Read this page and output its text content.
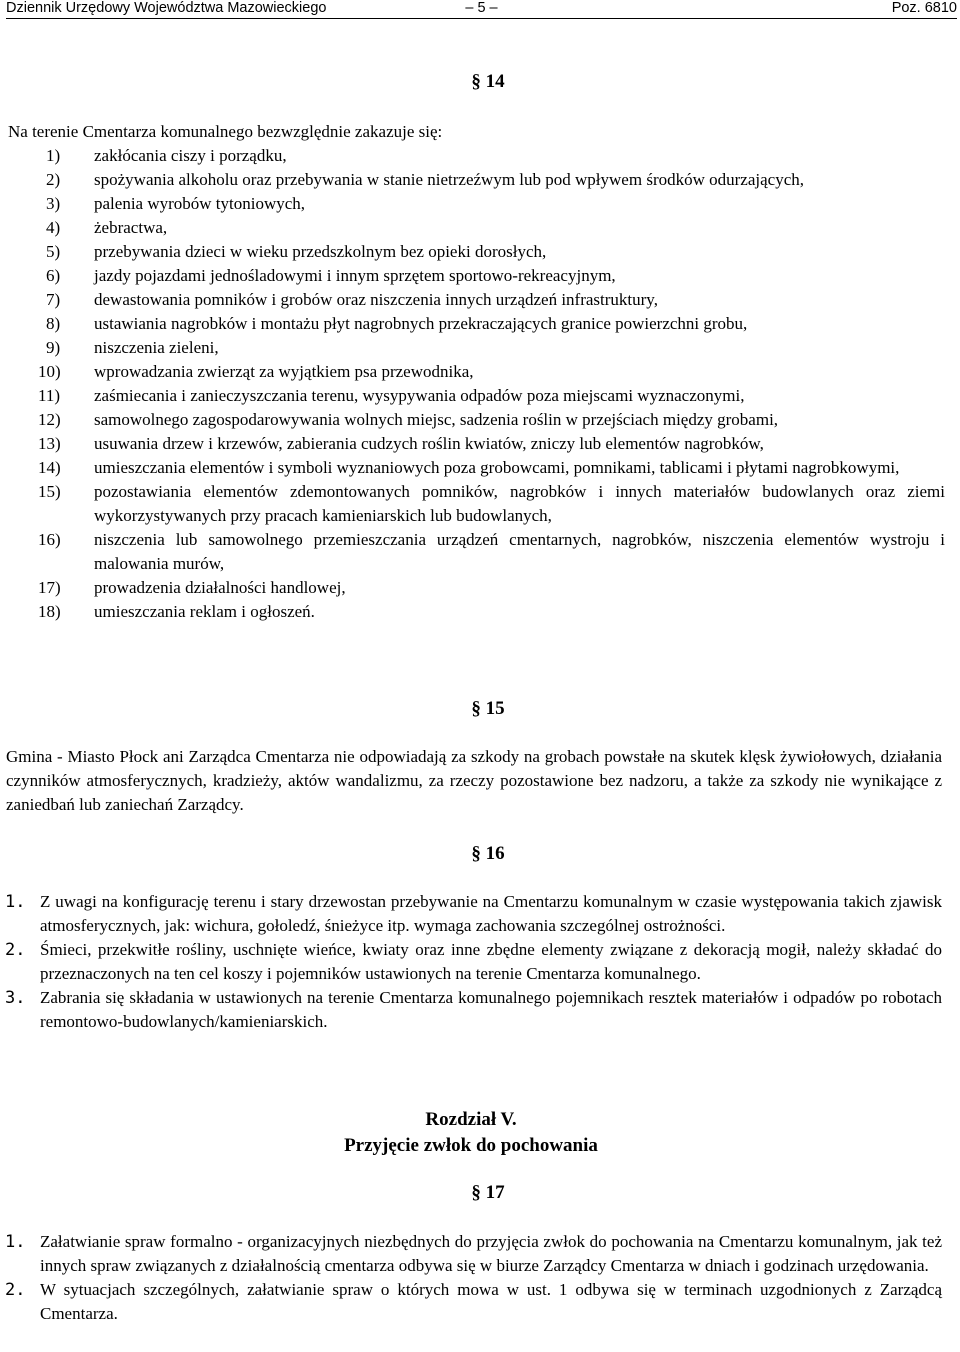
Dziennik Urzędowy Województwa Mazowieckiego	– 5 –	Poz. 6810
§ 14
Na terenie Cmentarza komunalnego bezwzględnie zakazuje się:
1) zakłócania ciszy i porządku,
2) spożywania alkoholu oraz przebywania w stanie nietrzeźwym lub pod wpływem środków odurzających,
3) palenia wyrobów tytoniowych,
4) żebractwa,
5) przebywania dzieci w wieku przedszkolnym bez opieki dorosłych,
6) jazdy pojazdami jednośladowymi i innym sprzętem sportowo-rekreacyjnym,
7) dewastowania pomników i grobów oraz niszczenia innych urządzeń infrastruktury,
8) ustawiania nagrobków i montażu płyt nagrobnych przekraczających granice powierzchni grobu,
9) niszczenia zieleni,
10) wprowadzania zwierząt za wyjątkiem psa przewodnika,
11) zaśmiecania i zanieczyszczania terenu, wysypywania odpadów poza miejscami wyznaczonymi,
12) samowolnego zagospodarowywania wolnych miejsc, sadzenia roślin w przejściach między grobami,
13) usuwania drzew i krzewów, zabierania cudzych roślin kwiatów, zniczy lub elementów nagrobków,
14) umieszczania elementów i symboli wyznaniowych poza grobowcami, pomnikami, tablicami i płytami nagrobkowymi,
15) pozostawiania elementów zdemontowanych pomników, nagrobków i innych materiałów budowlanych oraz ziemi wykorzystywanych przy pracach kamieniarskich lub budowlanych,
16) niszczenia lub samowolnego przemieszczania urządzeń cmentarnych, nagrobków, niszczenia elementów wystroju i malowania murów,
17) prowadzenia działalności handlowej,
18) umieszczania reklam i ogłoszeń.
§ 15
Gmina - Miasto Płock ani Zarządca Cmentarza nie odpowiadają za szkody na grobach powstałe na skutek klęsk żywiołowych, działania czynników atmosferycznych, kradzieży, aktów wandalizmu, za rzeczy pozostawione bez nadzoru, a także za szkody nie wynikające z zaniedbań lub zaniechań Zarządcy.
§ 16
1. Z uwagi na konfigurację terenu i stary drzewostan przebywanie na Cmentarzu komunalnym w czasie występowania takich zjawisk atmosferycznych, jak: wichura, gołoledź, śnieżyce itp. wymaga zachowania szczególnej ostrożności.
2. Śmieci, przekwitłe rośliny, uschnięte wieńce, kwiaty oraz inne zbędne elementy związane z dekoracją mogił, należy składać do przeznaczonych na ten cel koszy i pojemników ustawionych na terenie Cmentarza komunalnego.
3. Zabrania się składania w ustawionych na terenie Cmentarza komunalnego pojemnikach resztek materiałów i odpadów po robotach remontowo-budowlanych/kamieniarskich.
Rozdział V.
Przyjęcie zwłok do pochowania
§ 17
1. Załatwianie spraw formalno - organizacyjnych niezbędnych do przyjęcia zwłok do pochowania na Cmentarzu komunalnym, jak też innych spraw związanych z działalnością cmentarza odbywa się w biurze Zarządcy Cmentarza w dniach i godzinach urzędowania.
2. W sytuacjach szczególnych, załatwianie spraw o których mowa w ust. 1 odbywa się w terminach uzgodnionych z Zarządcą Cmentarza.
